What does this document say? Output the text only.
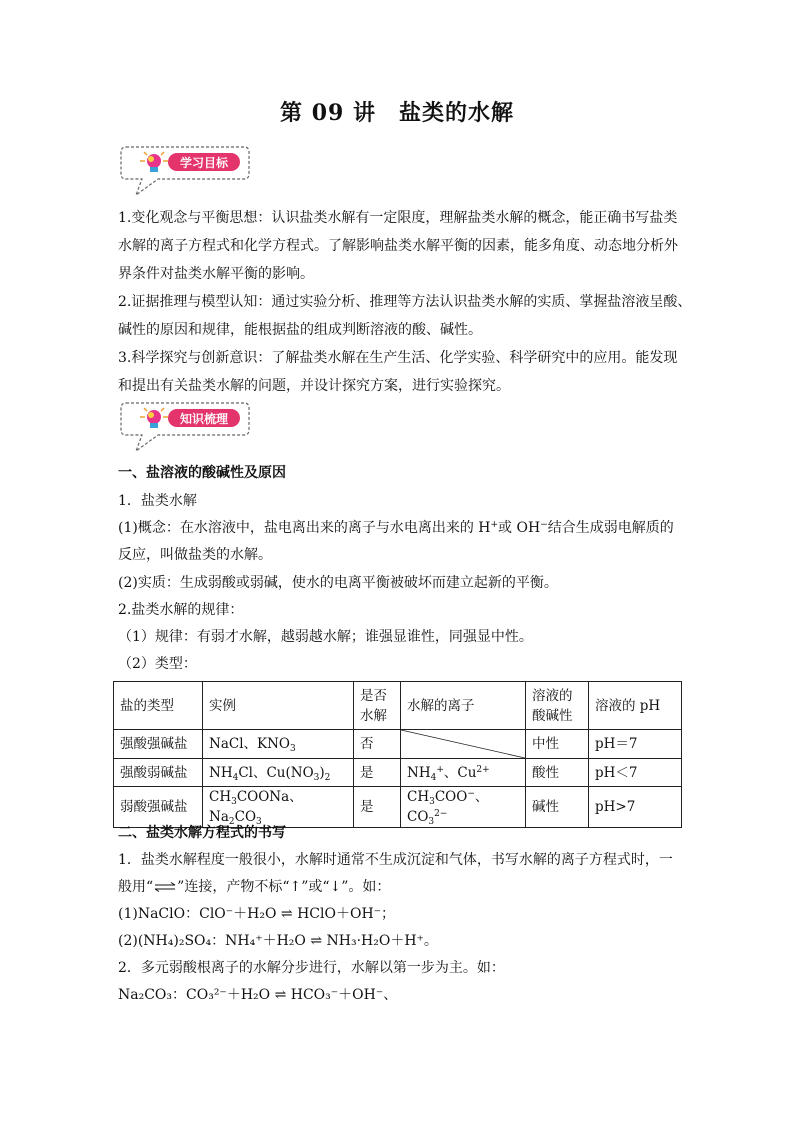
第 09 讲　盐类的水解
学习目标
1.变化观念与平衡思想：认识盐类水解有一定限度，理解盐类水解的概念，能正确书写盐类
水解的离子方程式和化学方程式。了解影响盐类水解平衡的因素，能多角度、动态地分析外
界条件对盐类水解平衡的影响。
2.证据推理与模型认知：通过实验分析、推理等方法认识盐类水解的实质、掌握盐溶液呈酸、
碱性的原因和规律，能根据盐的组成判断溶液的酸、碱性。
3.科学探究与创新意识：了解盐类水解在生产生活、化学实验、科学研究中的应用。能发现
和提出有关盐类水解的问题，并设计探究方案，进行实验探究。
知识梳理
一、盐溶液的酸碱性及原因
1．盐类水解
(1)概念：在水溶液中，盐电离出来的离子与水电离出来的 H+或 OH−结合生成弱电解质的
反应，叫做盐类的水解。
(2)实质：生成弱酸或弱碱，使水的电离平衡被破坏而建立起新的平衡。
2.盐类水解的规律：
（1）规律：有弱才水解，越弱越水解；谁强显谁性，同强显中性。
（2）类型：
盐的类型	实例	是否
水解	水解的离子	溶液的
酸碱性	溶液的 pH
强酸强碱盐	NaCl、$KNO_3$	否		中性	pH＝7
强酸弱碱盐	$NH_4Cl$、$Cu(NO_3)_2$	是	$NH_4^+$、$Cu^{2+}$	酸性	pH＜7
弱酸强碱盐	$CH_3COONa$、$Na_2CO_3$	是	$CH_3COO^-$、$CO_3^{2-}$	碱性	pH>7
二、盐类水解方程式的书写
1．盐类水解程度一般很小，水解时通常不生成沉淀和气体，书写水解的离子方程式时，一
般用“⇌”连接，产物不标“↑”或“↓”。如：
(1)NaClO：ClO⁻＋H₂O ⇌ HClO＋OH⁻；
(2)(NH₄)₂SO₄：NH₄⁺＋H₂O ⇌ NH₃·H₂O＋H⁺。
2．多元弱酸根离子的水解分步进行，水解以第一步为主。如：
Na₂CO₃：CO₃²⁻＋H₂O ⇌ HCO₃⁻＋OH⁻、
